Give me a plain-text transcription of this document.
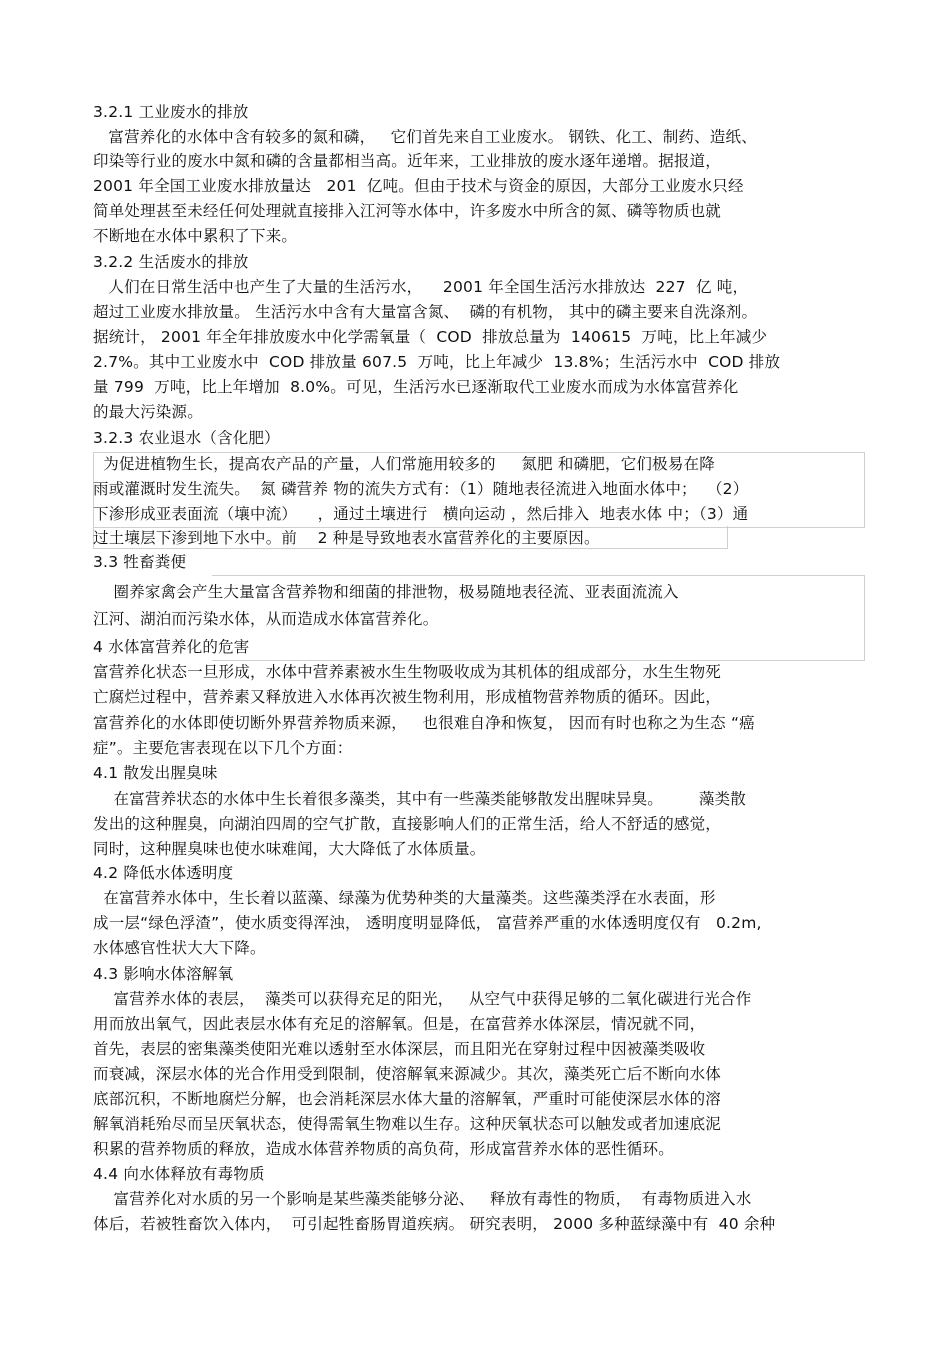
3.2.1 工业废水的排放
富营养化的水体中含有较多的氮和磷，   它们首先来自工业废水。 钢铁、化工、制药、造纸、
印染等行业的废水中氮和磷的含量都相当高。近年来，工业排放的废水逐年递增。据报道，
2001 年全国工业废水排放量达   201  亿吨。但由于技术与资金的原因，大部分工业废水只经
简单处理甚至未经任何处理就直接排入江河等水体中，许多废水中所含的氮、磷等物质也就
不断地在水体中累积了下来。
3.2.2 生活废水的排放
人们在日常生活中也产生了大量的生活污水，    2001 年全国生活污水排放达  227  亿 吨，
超过工业废水排放量。 生活污水中含有大量富含氮、  磷的有机物， 其中的磷主要来自洗涤剂。
据统计， 2001 年全年排放废水中化学需氧量（  COD  排放总量为  140615  万吨，比上年减少
2.7%。其中工业废水中  COD 排放量 607.5  万吨，比上年减少  13.8%；生活污水中  COD 排放
量 799  万吨，比上年增加  8.0%。可见，生活污水已逐渐取代工业废水而成为水体富营养化
的最大污染源。
3.2.3 农业退水（含化肥）
为促进植物生长，提高农产品的产量，人们常施用较多的     氮肥 和磷肥，它们极易在降
雨或灌溉时发生流失。  氮 磷营养 物的流失方式有：（1）随地表径流进入地面水体中；  （2）
下渗形成亚表面流（壤中流）    ，通过土壤进行   横向运动 ，然后排入  地表水体 中；（3）通
过土壤层下渗到地下水中。前    2 种是导致地表水富营养化的主要原因。
3.3 牲畜粪便
圈养家禽会产生大量富含营养物和细菌的排泄物，极易随地表径流、亚表面流流入
江河、湖泊而污染水体，从而造成水体富营养化。
4 水体富营养化的危害
富营养化状态一旦形成，水体中营养素被水生生物吸收成为其机体的组成部分，水生生物死
亡腐烂过程中，营养素又释放进入水体再次被生物利用，形成植物营养物质的循环。因此，
富营养化的水体即使切断外界营养物质来源，   也很难自净和恢复， 因而有时也称之为生态 “癌
症”。主要危害表现在以下几个方面：
4.1 散发出腥臭味
在富营养状态的水体中生长着很多藻类，其中有一些藻类能够散发出腥味异臭。       藻类散
发出的这种腥臭，向湖泊四周的空气扩散，直接影响人们的正常生活，给人不舒适的感觉，
同时，这种腥臭味也使水味难闻，大大降低了水体质量。
4.2 降低水体透明度
在富营养水体中，生长着以蓝藻、绿藻为优势种类的大量藻类。这些藻类浮在水表面，形
成一层“绿色浮渣”，使水质变得浑浊， 透明度明显降低， 富营养严重的水体透明度仅有   0.2m,
水体感官性状大大下降。
4.3 影响水体溶解氧
富营养水体的表层，  藻类可以获得充足的阳光，   从空气中获得足够的二氧化碳进行光合作
用而放出氧气，因此表层水体有充足的溶解氧。但是，在富营养水体深层，情况就不同，
首先，表层的密集藻类使阳光难以透射至水体深层，而且阳光在穿射过程中因被藻类吸收
而衰减，深层水体的光合作用受到限制，使溶解氧来源减少。其次，藻类死亡后不断向水体
底部沉积，不断地腐烂分解，也会消耗深层水体大量的溶解氧，严重时可能使深层水体的溶
解氧消耗殆尽而呈厌氧状态，使得需氧生物难以生存。这种厌氧状态可以触发或者加速底泥
积累的营养物质的释放，造成水体营养物质的高负荷，形成富营养水体的恶性循环。
4.4 向水体释放有毒物质
富营养化对水质的另一个影响是某些藻类能够分泌、   释放有毒性的物质，  有毒物质进入水
体后，若被牲畜饮入体内，  可引起牲畜肠胃道疾病。 研究表明， 2000 多种蓝绿藻中有  40 余种
